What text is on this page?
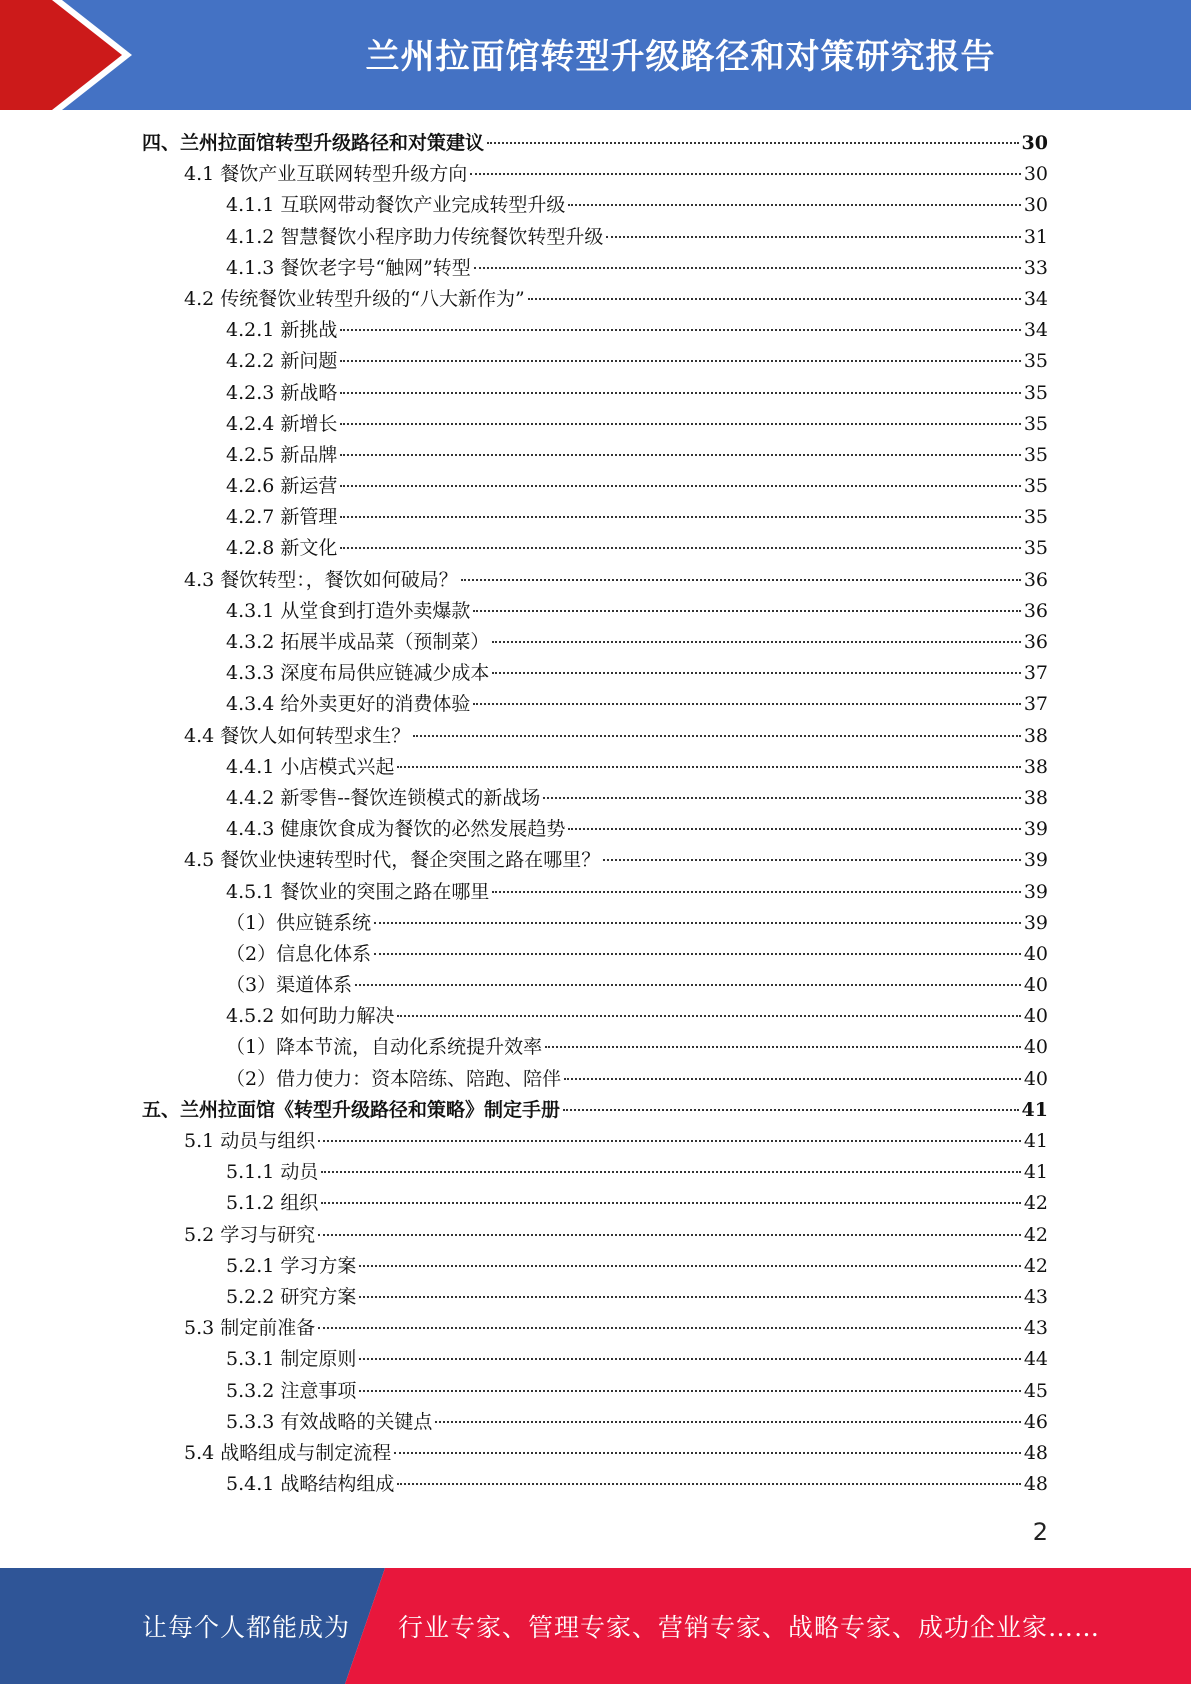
兰州拉面馆转型升级路径和对策研究报告
四、兰州拉面馆转型升级路径和对策建议	30
4.1 餐饮产业互联网转型升级方向	30
4.1.1 互联网带动餐饮产业完成转型升级	30
4.1.2 智慧餐饮小程序助力传统餐饮转型升级	31
4.1.3 餐饮老字号“触网”转型	33
4.2 传统餐饮业转型升级的“八大新作为”	34
4.2.1 新挑战	34
4.2.2 新问题	35
4.2.3 新战略	35
4.2.4 新增长	35
4.2.5 新品牌	35
4.2.6 新运营	35
4.2.7 新管理	35
4.2.8 新文化	35
4.3 餐饮转型：，餐饮如何破局？	36
4.3.1 从堂食到打造外卖爆款	36
4.3.2 拓展半成品菜（预制菜）	36
4.3.3 深度布局供应链减少成本	37
4.3.4 给外卖更好的消费体验	37
4.4 餐饮人如何转型求生？	38
4.4.1 小店模式兴起	38
4.4.2 新零售--餐饮连锁模式的新战场	38
4.4.3 健康饮食成为餐饮的必然发展趋势	39
4.5 餐饮业快速转型时代，餐企突围之路在哪里？	39
4.5.1 餐饮业的突围之路在哪里	39
（1）供应链系统	39
（2）信息化体系	40
（3）渠道体系	40
4.5.2 如何助力解决	40
（1）降本节流，自动化系统提升效率	40
（2）借力使力：资本陪练、陪跑、陪伴	40
五、兰州拉面馆《转型升级路径和策略》制定手册	41
5.1 动员与组织	41
5.1.1 动员	41
5.1.2 组织	42
5.2 学习与研究	42
5.2.1 学习方案	42
5.2.2 研究方案	43
5.3 制定前准备	43
5.3.1 制定原则	44
5.3.2 注意事项	45
5.3.3 有效战略的关键点	46
5.4 战略组成与制定流程	48
5.4.1 战略结构组成	48
2
让每个人都能成为 行业专家、管理专家、营销专家、战略专家、成功企业家……
